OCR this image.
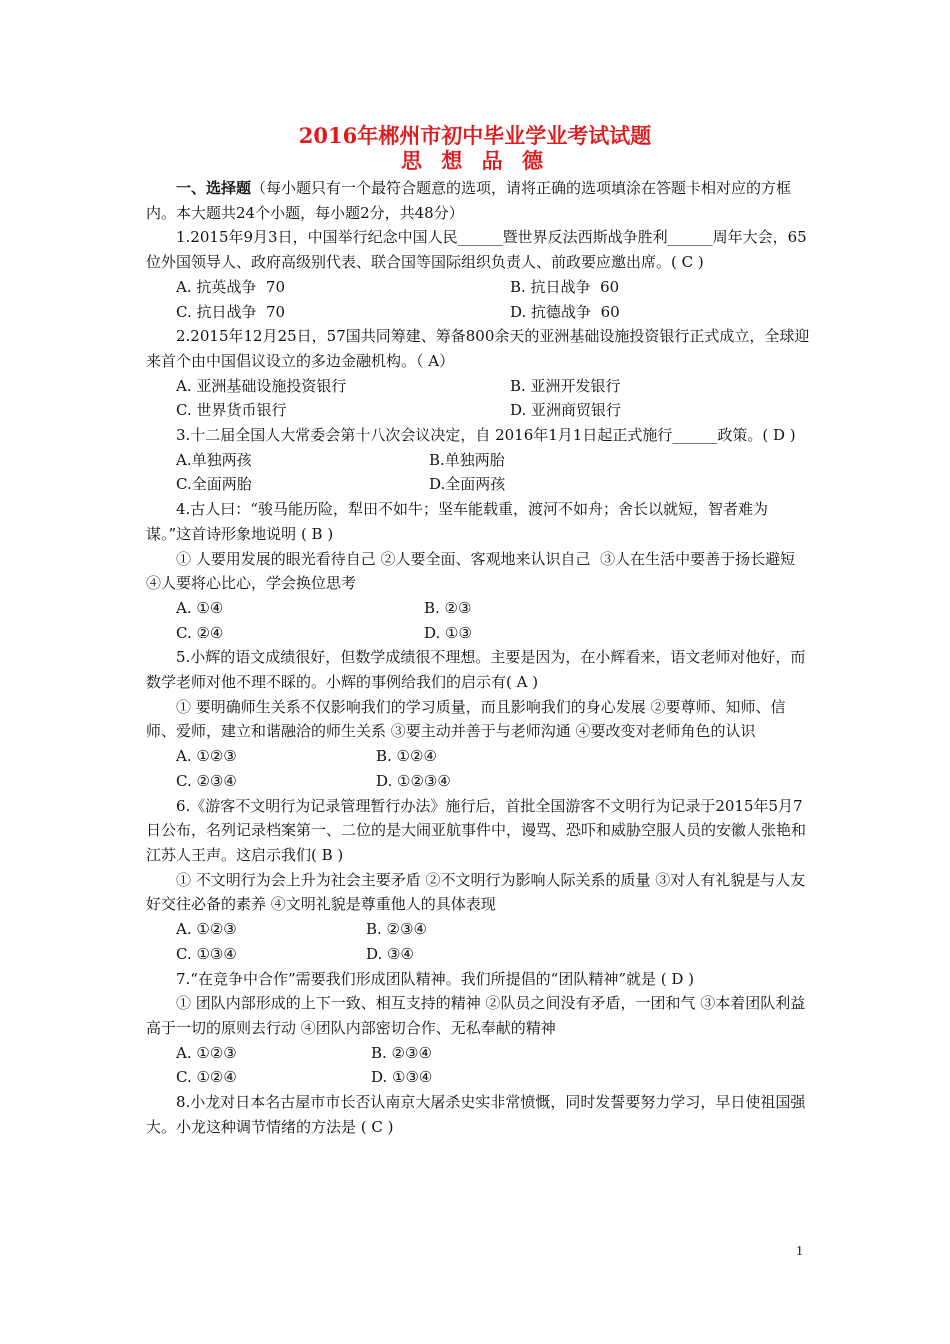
2016年郴州市初中毕业学业考试试题
思 想 品 德

一、选择题（每小题只有一个最符合题意的选项，请将正确的选项填涂在答题卡相对应的方框内。本大题共24个小题，每小题2分，共48分）

1.2015年9月3日，中国举行纪念中国人民______暨世界反法西斯战争胜利______周年大会，65位外国领导人、政府高级别代表、联合国等国际组织负责人、前政要应邀出席。( C )

A. 抗英战争  70	B. 抗日战争  60
C. 抗日战争  70	D. 抗德战争  60

2.2015年12月25日，57国共同筹建、筹备800余天的亚洲基础设施投资银行正式成立，全球迎来首个由中国倡议设立的多边金融机构。（ A）

A. 亚洲基础设施投资银行	B. 亚洲开发银行
C. 世界货币银行	D. 亚洲商贸银行

3.十二届全国人大常委会第十八次会议决定，自 2016年1月1日起正式施行______政策。( D )

A.单独两孩	B.单独两胎
C.全面两胎	D.全面两孩

4.古人曰：“骏马能历险，犁田不如牛；坚车能载重，渡河不如舟；舍长以就短，智者难为谋。”这首诗形象地说明 ( B )

① 人要用发展的眼光看待自己 ②人要全面、客观地来认识自己  ③人在生活中要善于扬长避短 ④人要将心比心，学会换位思考

A. ①④	B. ②③
C. ②④	D. ①③

5.小辉的语文成绩很好，但数学成绩很不理想。主要是因为，在小辉看来，语文老师对他好，而数学老师对他不理不睬的。小辉的事例给我们的启示有( A )

① 要明确师生关系不仅影响我们的学习质量，而且影响我们的身心发展 ②要尊师、知师、信师、爱师，建立和谐融洽的师生关系 ③要主动并善于与老师沟通 ④要改变对老师角色的认识

A. ①②③	B. ①②④
C. ②③④	D. ①②③④

6.《游客不文明行为记录管理暂行办法》施行后，首批全国游客不文明行为记录于2015年5月7日公布，名列记录档案第一、二位的是大闹亚航事件中，谩骂、恐吓和威胁空服人员的安徽人张艳和江苏人王声。这启示我们( B )

① 不文明行为会上升为社会主要矛盾 ②不文明行为影响人际关系的质量 ③对人有礼貌是与人友好交往必备的素养 ④文明礼貌是尊重他人的具体表现

A. ①②③	B. ②③④
C. ①③④	D. ③④

7.“在竞争中合作”需要我们形成团队精神。我们所提倡的“团队精神”就是 ( D )

① 团队内部形成的上下一致、相互支持的精神 ②队员之间没有矛盾，一团和气 ③本着团队利益高于一切的原则去行动 ④团队内部密切合作、无私奉献的精神

A. ①②③	B. ②③④
C. ①②④	D. ①③④

8.小龙对日本名古屋市市长否认南京大屠杀史实非常愤慨，同时发誓要努力学习，早日使祖国强大。小龙这种调节情绪的方法是 ( C )

1
